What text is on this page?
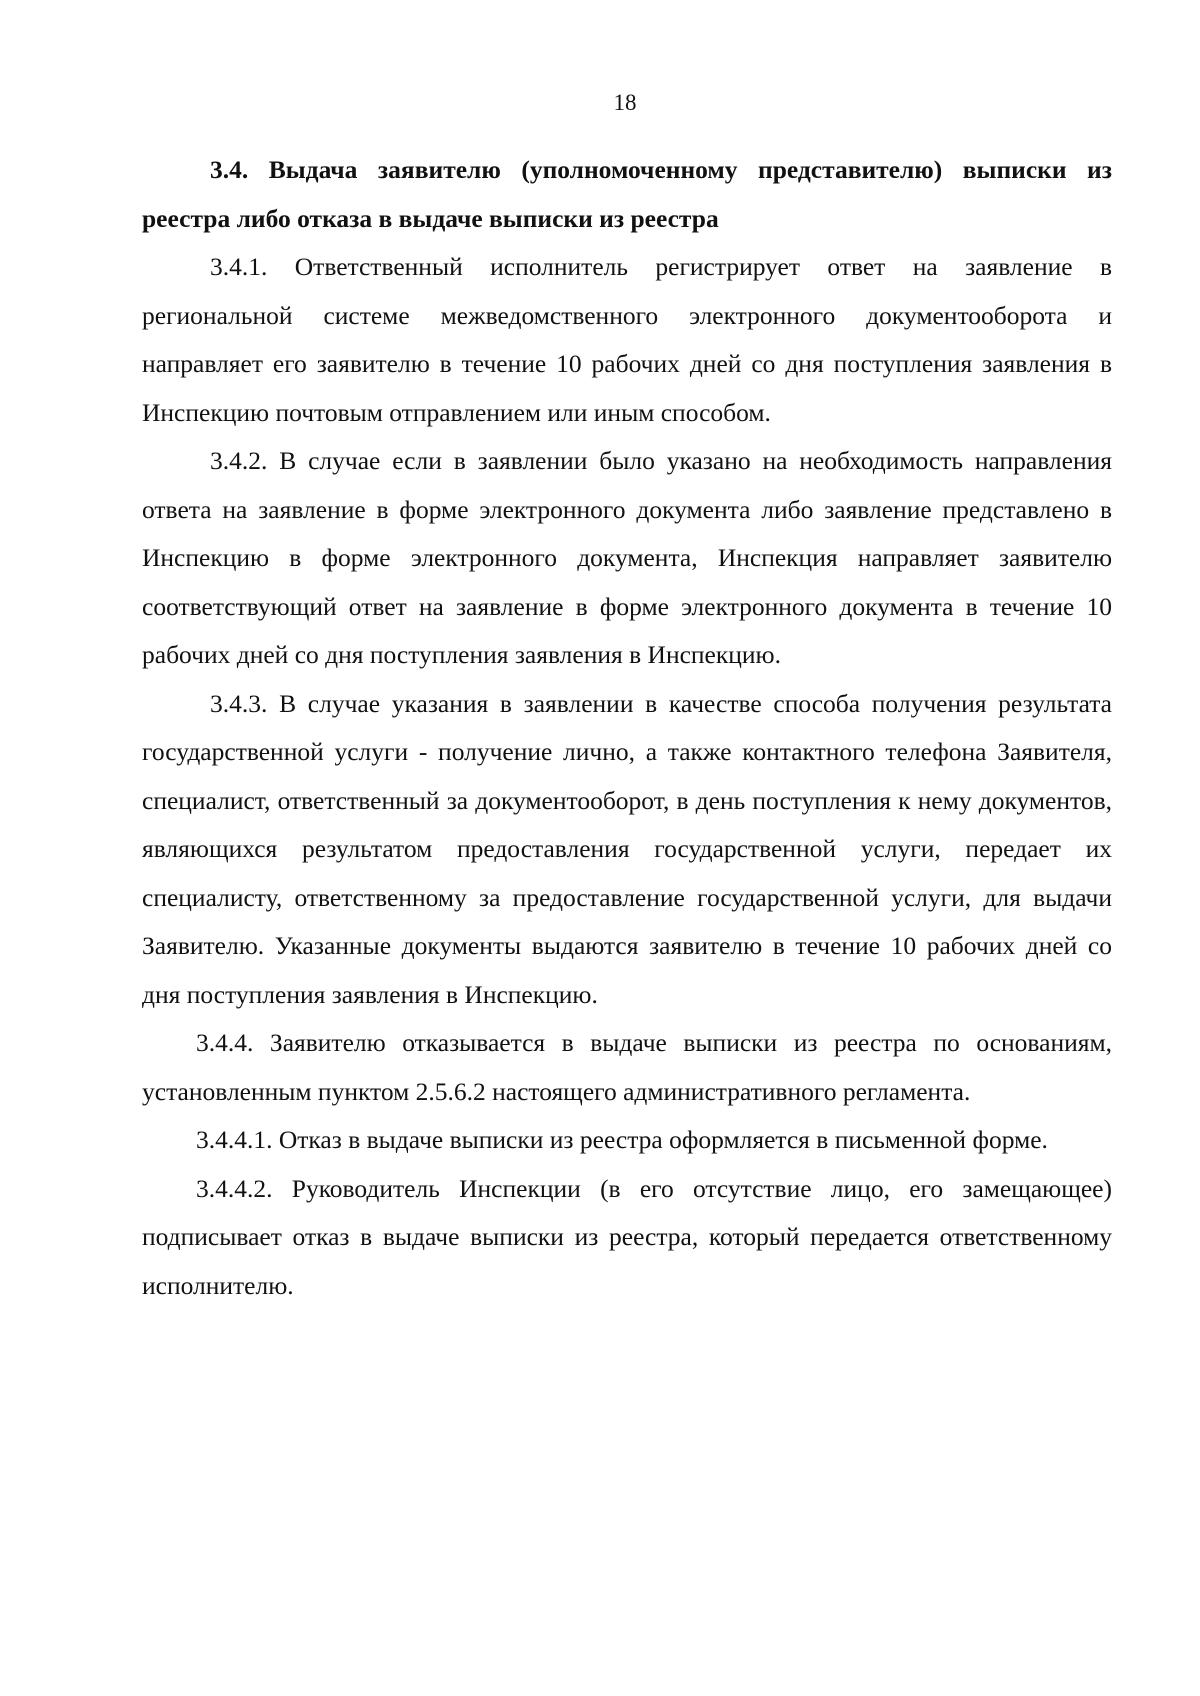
18

3.4. Выдача заявителю (уполномоченному представителю) выписки из реестра либо отказа в выдаче выписки из реестра

3.4.1. Ответственный исполнитель регистрирует ответ на заявление в региональной системе межведомственного электронного документооборота и направляет его заявителю в течение 10 рабочих дней со дня поступления заявления в Инспекцию почтовым отправлением или иным способом.

3.4.2. В случае если в заявлении было указано на необходимость направления ответа на заявление в форме электронного документа либо заявление представлено в Инспекцию в форме электронного документа, Инспекция направляет заявителю соответствующий ответ на заявление в форме электронного документа в течение 10 рабочих дней со дня поступления заявления в Инспекцию.

3.4.3. В случае указания в заявлении в качестве способа получения результата государственной услуги - получение лично, а также контактного телефона Заявителя, специалист, ответственный за документооборот, в день поступления к нему документов, являющихся результатом предоставления государственной услуги, передает их специалисту, ответственному за предоставление государственной услуги, для выдачи Заявителю. Указанные документы выдаются заявителю в течение 10 рабочих дней со дня поступления заявления в Инспекцию.

3.4.4. Заявителю отказывается в выдаче выписки из реестра по основаниям, установленным пунктом 2.5.6.2 настоящего административного регламента.

3.4.4.1. Отказ в выдаче выписки из реестра оформляется в письменной форме.

3.4.4.2. Руководитель Инспекции (в его отсутствие лицо, его замещающее) подписывает отказ в выдаче выписки из реестра, который передается ответственному исполнителю.
